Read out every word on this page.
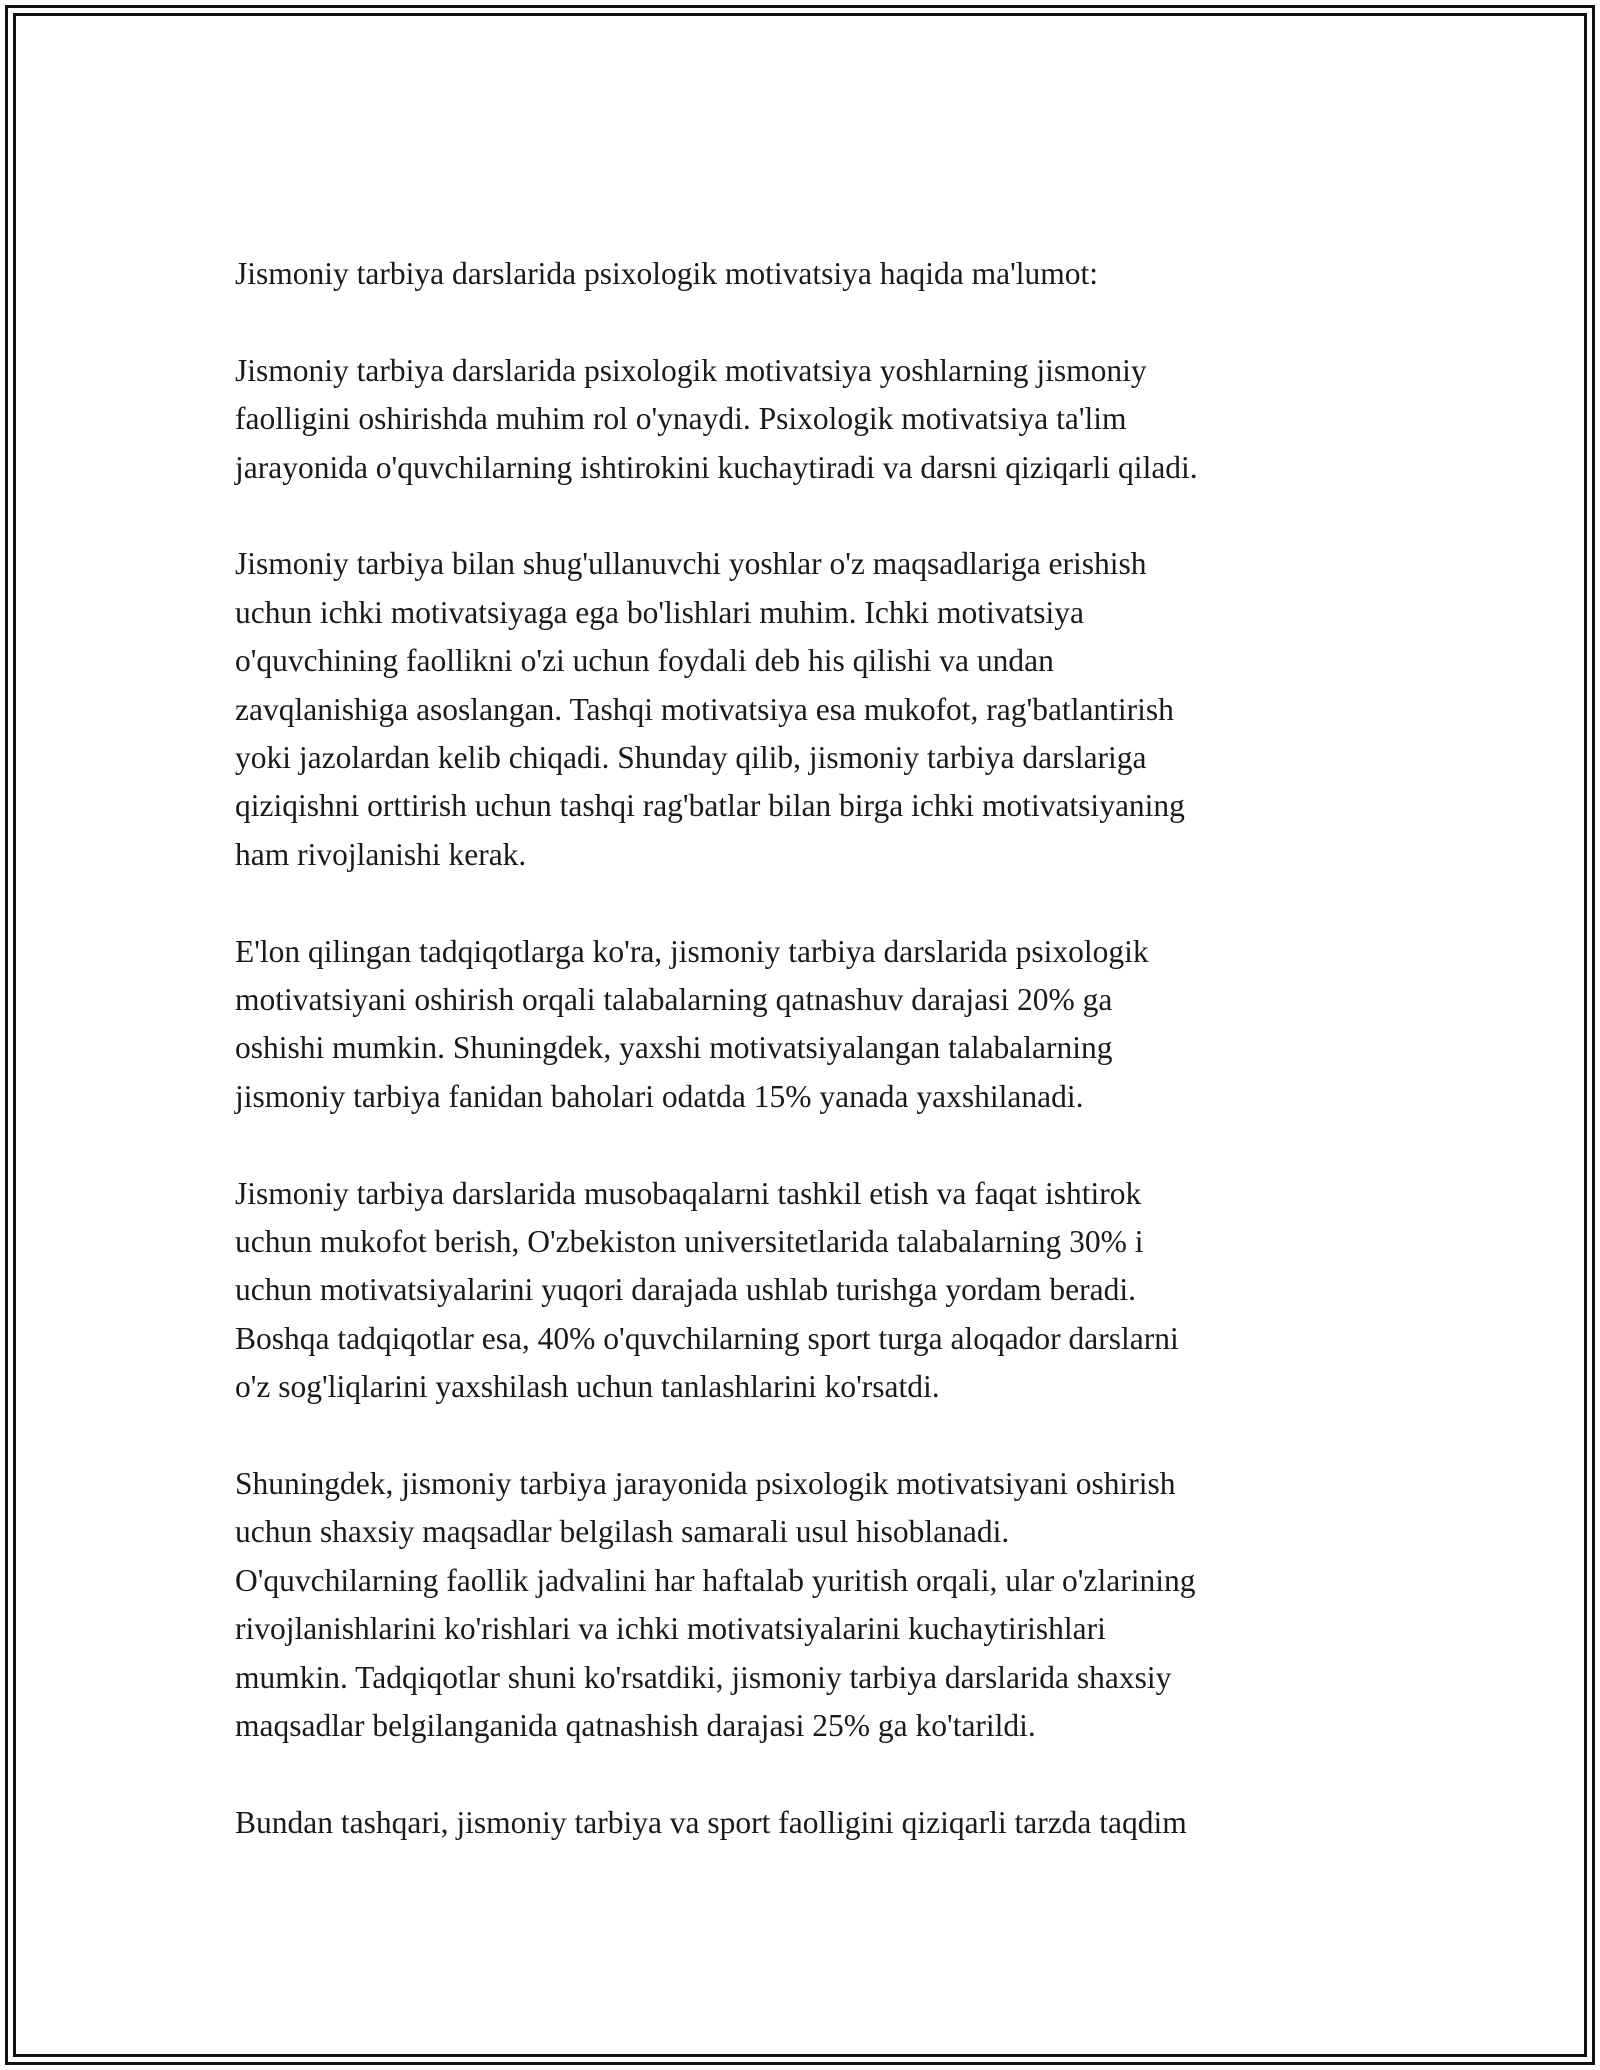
Jismoniy tarbiya darslarida psixologik motivatsiya haqida ma'lumot:

Jismoniy tarbiya darslarida psixologik motivatsiya yoshlarning jismoniy
faolligini oshirishda muhim rol o'ynaydi. Psixologik motivatsiya ta'lim
jarayonida o'quvchilarning ishtirokini kuchaytiradi va darsni qiziqarli qiladi.

Jismoniy tarbiya bilan shug'ullanuvchi yoshlar o'z maqsadlariga erishish
uchun ichki motivatsiyaga ega bo'lishlari muhim. Ichki motivatsiya
o'quvchining faollikni o'zi uchun foydali deb his qilishi va undan
zavqlanishiga asoslangan. Tashqi motivatsiya esa mukofot, rag'batlantirish
yoki jazolardan kelib chiqadi. Shunday qilib, jismoniy tarbiya darslariga
qiziqishni orttirish uchun tashqi rag'batlar bilan birga ichki motivatsiyaning
ham rivojlanishi kerak.

E'lon qilingan tadqiqotlarga ko'ra, jismoniy tarbiya darslarida psixologik
motivatsiyani oshirish orqali talabalarning qatnashuv darajasi 20% ga
oshishi mumkin. Shuningdek, yaxshi motivatsiyalangan talabalarning
jismoniy tarbiya fanidan baholari odatda 15% yanada yaxshilanadi.

Jismoniy tarbiya darslarida musobaqalarni tashkil etish va faqat ishtirok
uchun mukofot berish, O'zbekiston universitetlarida talabalarning 30% i
uchun motivatsiyalarini yuqori darajada ushlab turishga yordam beradi.
Boshqa tadqiqotlar esa, 40% o'quvchilarning sport turga aloqador darslarni
o'z sog'liqlarini yaxshilash uchun tanlashlarini ko'rsatdi.

Shuningdek, jismoniy tarbiya jarayonida psixologik motivatsiyani oshirish
uchun shaxsiy maqsadlar belgilash samarali usul hisoblanadi.
O'quvchilarning faollik jadvalini har haftalab yuritish orqali, ular o'zlarining
rivojlanishlarini ko'rishlari va ichki motivatsiyalarini kuchaytirishlari
mumkin. Tadqiqotlar shuni ko'rsatdiki, jismoniy tarbiya darslarida shaxsiy
maqsadlar belgilanganida qatnashish darajasi 25% ga ko'tarildi.

Bundan tashqari, jismoniy tarbiya va sport faolligini qiziqarli tarzda taqdim
